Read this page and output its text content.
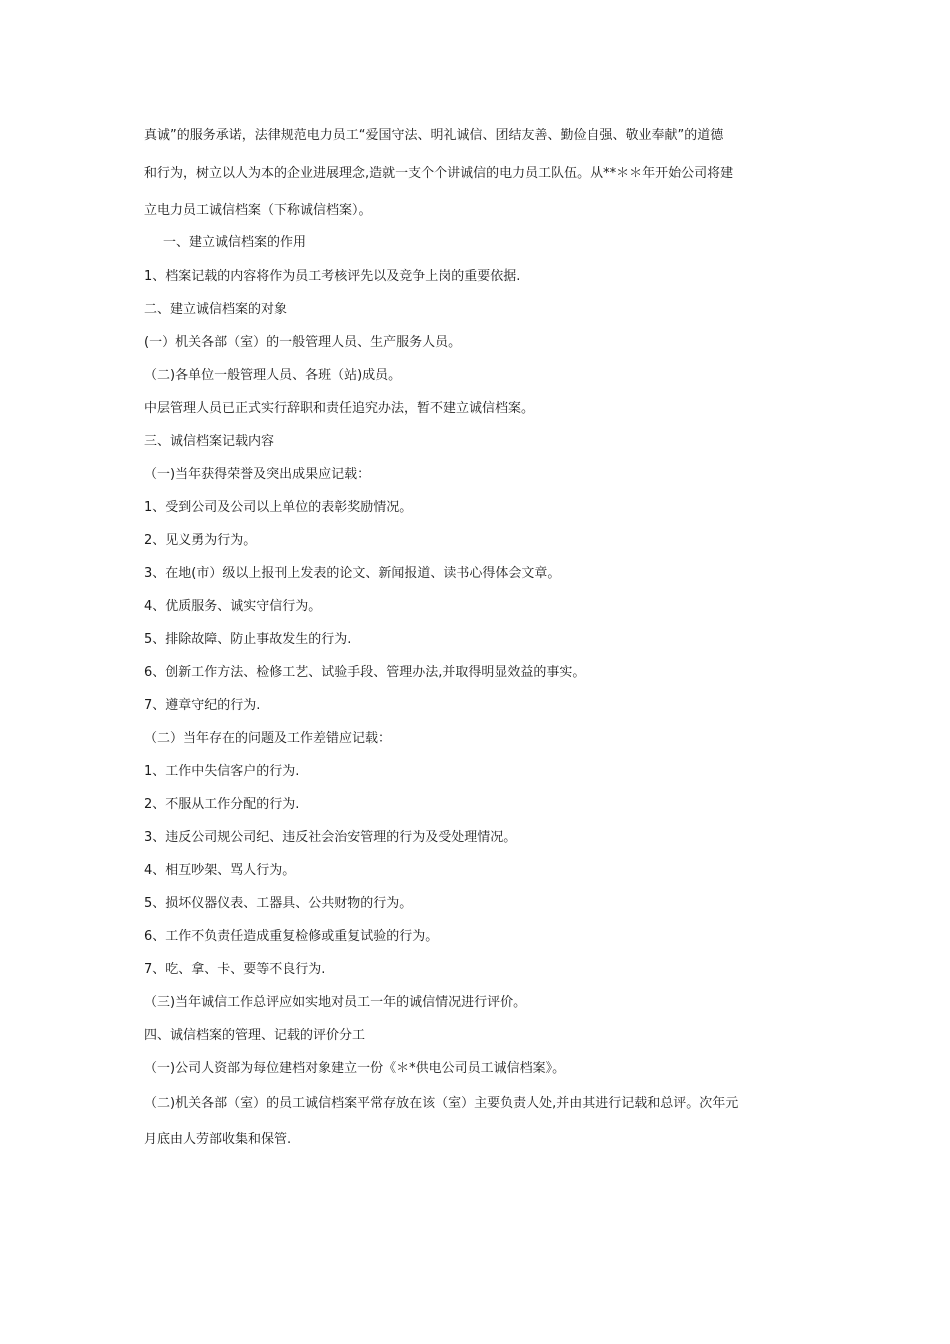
真诚”的服务承诺，法律规范电力员工“爱国守法、明礼诚信、团结友善、勤俭自强、敬业奉献”的道德
和行为，树立以人为本的企业进展理念,造就一支个个讲诚信的电力员工队伍。从**＊＊年开始公司将建
立电力员工诚信档案（下称诚信档案）。
一、建立诚信档案的作用
1、档案记载的内容将作为员工考核评先以及竞争上岗的重要依据.
二、建立诚信档案的对象
(一）机关各部（室）的一般管理人员、生产服务人员。
（二)各单位一般管理人员、各班（站)成员。
中层管理人员已正式实行辞职和责任追究办法，暂不建立诚信档案。
三、诚信档案记载内容
（一)当年获得荣誉及突出成果应记载：
1、受到公司及公司以上单位的表彰奖励情况。
2、见义勇为行为。
3、在地(市）级以上报刊上发表的论文、新闻报道、读书心得体会文章。
4、优质服务、诚实守信行为。
5、排除故障、防止事故发生的行为.
6、创新工作方法、检修工艺、试验手段、管理办法,并取得明显效益的事实。
7、遵章守纪的行为.
（二）当年存在的问题及工作差错应记载：
1、工作中失信客户的行为.
2、不服从工作分配的行为.
3、违反公司规公司纪、违反社会治安管理的行为及受处理情况。
4、相互吵架、骂人行为。
5、损坏仪器仪表、工器具、公共财物的行为。
6、工作不负责任造成重复检修或重复试验的行为。
7、吃、拿、卡、要等不良行为.
（三)当年诚信工作总评应如实地对员工一年的诚信情况进行评价。
四、诚信档案的管理、记载的评价分工
（一)公司人资部为每位建档对象建立一份《＊*供电公司员工诚信档案》。
（二)机关各部（室）的员工诚信档案平常存放在该（室）主要负责人处,并由其进行记载和总评。次年元
月底由人劳部收集和保管.
